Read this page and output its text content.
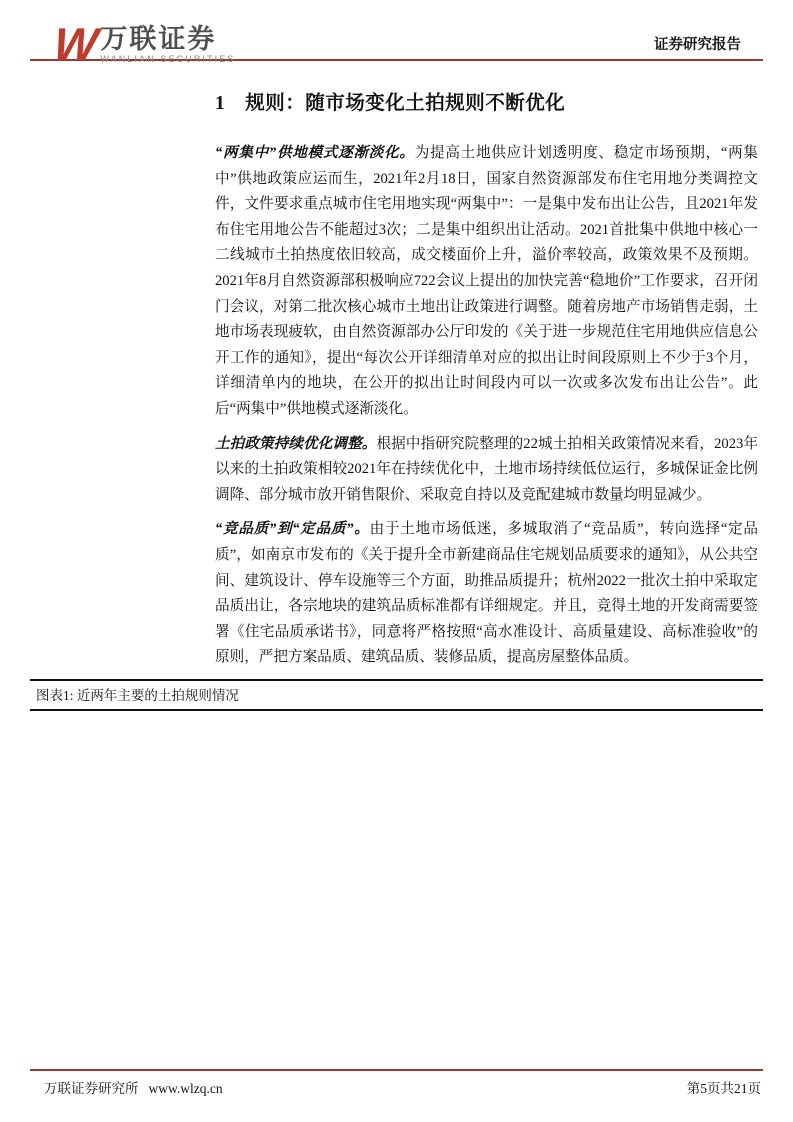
W 万联证券
WANLIAN SECURITIES
证券研究报告
1 规则：随市场变化土拍规则不断优化

“两集中”供地模式逐渐淡化。为提高土地供应计划透明度、稳定市场预期，“两集中”供地政策应运而生，2021年2月18日，国家自然资源部发布住宅用地分类调控文件，文件要求重点城市住宅用地实现“两集中”：一是集中发布出让公告，且2021年发布住宅用地公告不能超过3次；二是集中组织出让活动。2021首批集中供地中核心一二线城市土拍热度依旧较高，成交楼面价上升，溢价率较高，政策效果不及预期。2021年8月自然资源部积极响应722会议上提出的加快完善“稳地价”工作要求，召开闭门会议，对第二批次核心城市土地出让政策进行调整。随着房地产市场销售走弱，土地市场表现疲软，由自然资源部办公厅印发的《关于进一步规范住宅用地供应信息公开工作的通知》，提出“每次公开详细清单对应的拟出让时间段原则上不少于3个月，详细清单内的地块，在公开的拟出让时间段内可以一次或多次发布出让公告”。此后“两集中”供地模式逐渐淡化。

土拍政策持续优化调整。根据中指研究院整理的22城土拍相关政策情况来看，2023年以来的土拍政策相较2021年在持续优化中，土地市场持续低位运行，多城保证金比例调降、部分城市放开销售限价、采取竞自持以及竞配建城市数量均明显减少。

“竞品质”到“定品质”。由于土地市场低迷，多城取消了“竞品质”，转向选择“定品质”，如南京市发布的《关于提升全市新建商品住宅规划品质要求的通知》，从公共空间、建筑设计、停车设施等三个方面，助推品质提升；杭州2022一批次土拍中采取定品质出让，各宗地块的建筑品质标准都有详细规定。并且，竞得土地的开发商需要签署《住宅品质承诺书》，同意将严格按照“高水准设计、高质量建设、高标准验收”的原则，严把方案品质、建筑品质、装修品质，提高房屋整体品质。

图表1: 近两年主要的土拍规则情况
万联证券研究所 www.wlzq.cn	第5页共21页
